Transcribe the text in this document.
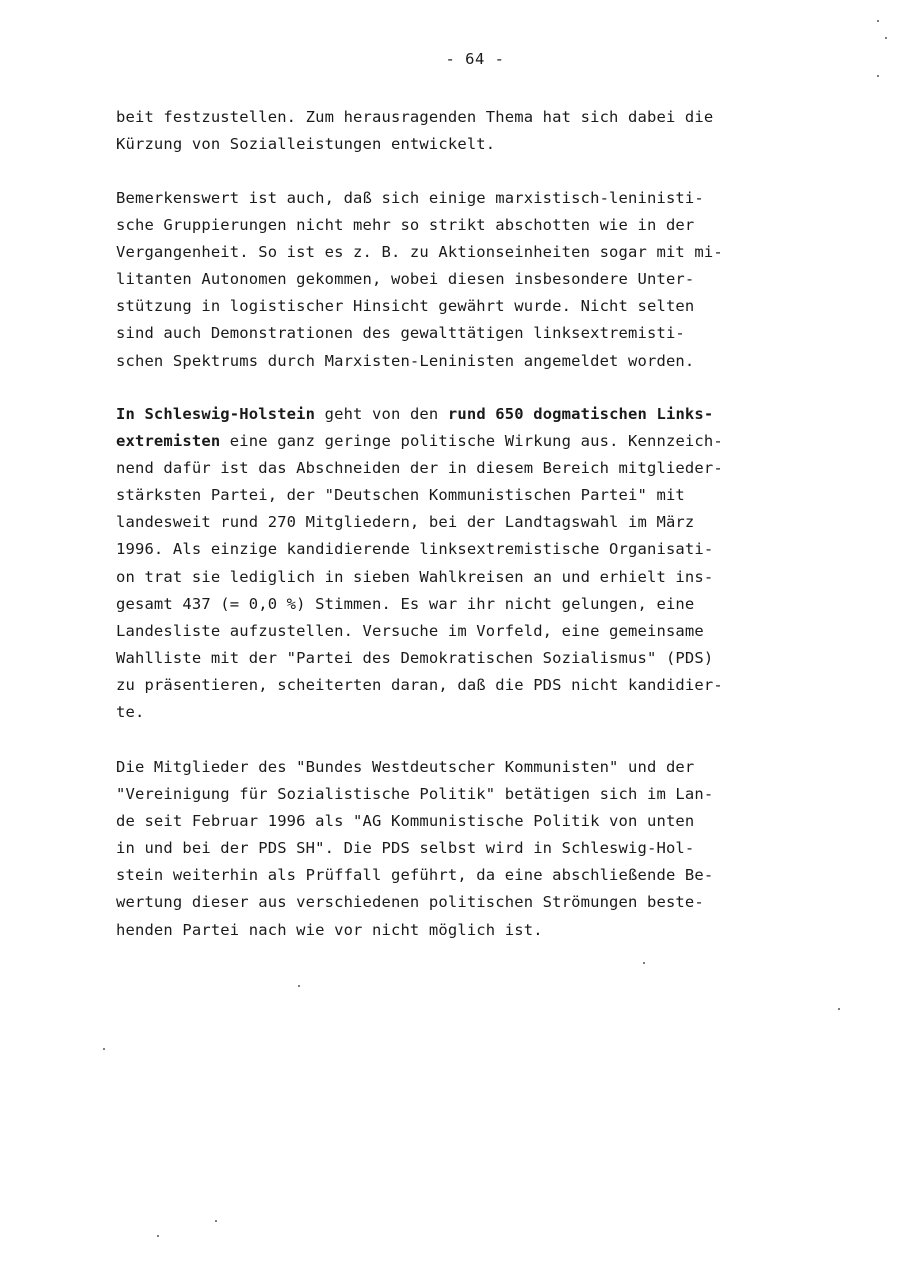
- 64 -
beit festzustellen. Zum herausragenden Thema hat sich dabei die
Kürzung von Sozialleistungen entwickelt.
Bemerkenswert ist auch, daß sich einige marxistisch-leninisti-
sche Gruppierungen nicht mehr so strikt abschotten wie in der
Vergangenheit. So ist es z. B. zu Aktionseinheiten sogar mit mi-
litanten Autonomen gekommen, wobei diesen insbesondere Unter-
stützung in logistischer Hinsicht gewährt wurde. Nicht selten
sind auch Demonstrationen des gewalttätigen linksextremisti-
schen Spektrums durch Marxisten-Leninisten angemeldet worden.
In Schleswig-Holstein geht von den rund 650 dogmatischen Links-
extremisten eine ganz geringe politische Wirkung aus. Kennzeich-
nend dafür ist das Abschneiden der in diesem Bereich mitglieder-
stärksten Partei, der "Deutschen Kommunistischen Partei" mit
landesweit rund 270 Mitgliedern, bei der Landtagswahl im März
1996. Als einzige kandidierende linksextremistische Organisati-
on trat sie lediglich in sieben Wahlkreisen an und erhielt ins-
gesamt 437 (= 0,0 %) Stimmen. Es war ihr nicht gelungen, eine
Landesliste aufzustellen. Versuche im Vorfeld, eine gemeinsame
Wahlliste mit der "Partei des Demokratischen Sozialismus" (PDS)
zu präsentieren, scheiterten daran, daß die PDS nicht kandidier-
te.
Die Mitglieder des "Bundes Westdeutscher Kommunisten" und der
"Vereinigung für Sozialistische Politik" betätigen sich im Lan-
de seit Februar 1996 als "AG Kommunistische Politik von unten
in und bei der PDS SH". Die PDS selbst wird in Schleswig-Hol-
stein weiterhin als Prüffall geführt, da eine abschließende Be-
wertung dieser aus verschiedenen politischen Strömungen beste-
henden Partei nach wie vor nicht möglich ist.
